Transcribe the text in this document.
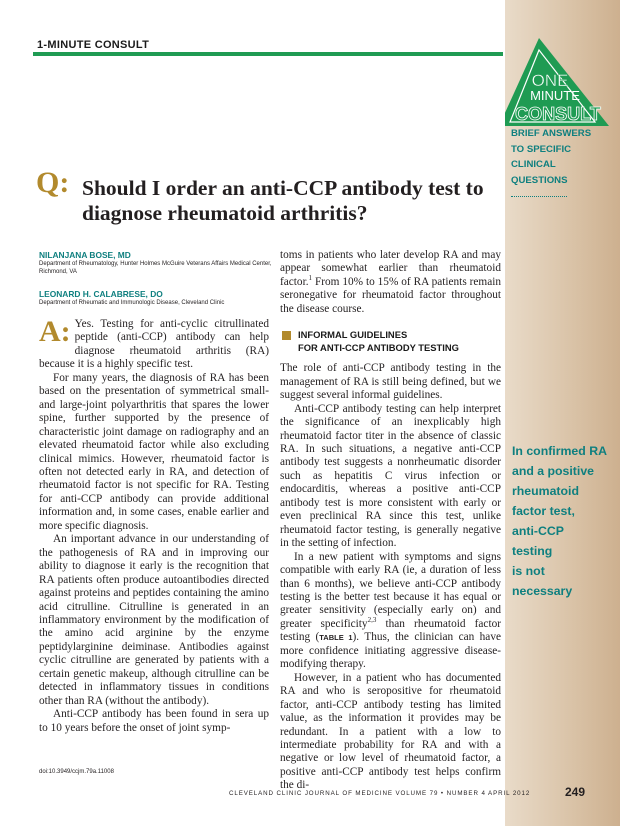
1-MINUTE CONSULT
ONE
MINUTE
CONSULT
BRIEF ANSWERS
TO SPECIFIC
CLINICAL
QUESTIONS
Q: Should I order an anti-CCP antibody test to diagnose rheumatoid arthritis?
NILANJANA BOSE, MD
Department of Rheumatology, Hunter Holmes McGuire Veterans Affairs Medical Center, Richmond, VA
LEONARD H. CALABRESE, DO
Department of Rheumatic and Immunologic Disease, Cleveland Clinic

A: Yes. Testing for anti-cyclic citrullinated peptide (anti-CCP) antibody can help diagnose rheumatoid arthritis (RA) because it is a highly specific test.

For many years, the diagnosis of RA has been based on the presentation of symmetrical small- and large-joint polyarthritis that spares the lower spine, further supported by the presence of characteristic joint damage on radiography and an elevated rheumatoid factor while also excluding clinical mimics. However, rheumatoid factor is often not detected early in RA, and detection of rheumatoid factor is not specific for RA. Testing for anti-CCP antibody can provide additional information and, in some cases, enable earlier and more specific diagnosis.

An important advance in our understanding of the pathogenesis of RA and in improving our ability to diagnose it early is the recognition that RA patients often produce autoantibodies directed against proteins and peptides containing the amino acid citrulline. Citrulline is generated in an inflammatory environment by the modification of the amino acid arginine by the enzyme peptidylarginine deiminase. Antibodies against cyclic citrulline are generated by patients with a certain genetic makeup, although citrulline can be detected in inflammatory tissues in conditions other than RA (without the antibody).

Anti-CCP antibody has been found in sera up to 10 years before the onset of joint symp-

toms in patients who later develop RA and may appear somewhat earlier than rheumatoid factor.$^1$ From 10% to 15% of RA patients remain seronegative for rheumatoid factor throughout the disease course.

INFORMAL GUIDELINES
FOR ANTI-CCP ANTIBODY TESTING

The role of anti-CCP antibody testing in the management of RA is still being defined, but we suggest several informal guidelines.

Anti-CCP antibody testing can help interpret the significance of an inexplicably high rheumatoid factor titer in the absence of classic RA. In such situations, a negative anti-CCP antibody test suggests a nonrheumatic disorder such as hepatitis C virus infection or endocarditis, whereas a positive anti-CCP antibody test is more consistent with early or even preclinical RA since this test, unlike rheumatoid factor testing, is generally negative in the setting of infection.

In a new patient with symptoms and signs compatible with early RA (ie, a duration of less than 6 months), we believe anti-CCP antibody testing is the better test because it has equal or greater sensitivity (especially early on) and greater specificity$^{2,3}$ than rheumatoid factor testing (TABLE 1). Thus, the clinician can have more confidence initiating aggressive disease-modifying therapy.

However, in a patient who has documented RA and who is seropositive for rheumatoid factor, anti-CCP antibody testing has limited value, as the information it provides may be redundant. In a patient with a low to intermediate probability for RA and with a negative or low level of rheumatoid factor, a positive anti-CCP antibody test helps confirm the di-

In confirmed RA
and a positive
rheumatoid
factor test,
anti-CCP testing
is not necessary
doi:10.3949/ccjm.79a.11008
CLEVELAND CLINIC JOURNAL OF MEDICINE VOLUME 79 • NUMBER 4 APRIL 2012	249
